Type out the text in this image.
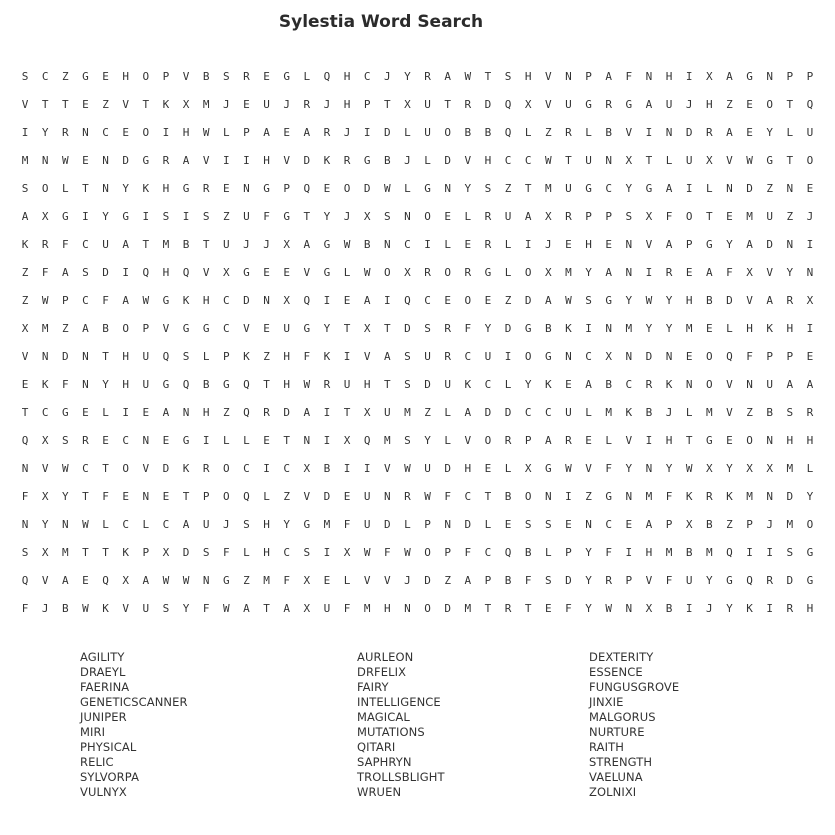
Sylestia Word Search
S	C	Z	G	E	H	O	P	V	B	S	R	E	G	L	Q	H	C	J	Y	R	A	W	T	S	H	V	N	P	A	F	N	H	I	X	A	G	N	P	P
V	T	T	E	Z	V	T	K	X	M	J	E	U	J	R	J	H	P	T	X	U	T	R	D	Q	X	V	U	G	R	G	A	U	J	H	Z	E	O	T	Q
I	Y	R	N	C	E	O	I	H	W	L	P	A	E	A	R	J	I	D	L	U	O	B	B	Q	L	Z	R	L	B	V	I	N	D	R	A	E	Y	L	U
M	N	W	E	N	D	G	R	A	V	I	I	H	V	D	K	R	G	B	J	L	D	V	H	C	C	W	T	U	N	X	T	L	U	X	V	W	G	T	O
S	O	L	T	N	Y	K	H	G	R	E	N	G	P	Q	E	O	D	W	L	G	N	Y	S	Z	T	M	U	G	C	Y	G	A	I	L	N	D	Z	N	E
A	X	G	I	Y	G	I	S	I	S	Z	U	F	G	T	Y	J	X	S	N	O	E	L	R	U	A	X	R	P	P	S	X	F	O	T	E	M	U	Z	J
K	R	F	C	U	A	T	M	B	T	U	J	J	X	A	G	W	B	N	C	I	L	E	R	L	I	J	E	H	E	N	V	A	P	G	Y	A	D	N	I
Z	F	A	S	D	I	Q	H	Q	V	X	G	E	E	V	G	L	W	O	X	R	O	R	G	L	O	X	M	Y	A	N	I	R	E	A	F	X	V	Y	N
Z	W	P	C	F	A	W	G	K	H	C	D	N	X	Q	I	E	A	I	Q	C	E	O	E	Z	D	A	W	S	G	Y	W	Y	H	B	D	V	A	R	X
X	M	Z	A	B	O	P	V	G	G	C	V	E	U	G	Y	T	X	T	D	S	R	F	Y	D	G	B	K	I	N	M	Y	Y	M	E	L	H	K	H	I
V	N	D	N	T	H	U	Q	S	L	P	K	Z	H	F	K	I	V	A	S	U	R	C	U	I	O	G	N	C	X	N	D	N	E	O	Q	F	P	P	E
E	K	F	N	Y	H	U	G	Q	B	G	Q	T	H	W	R	U	H	T	S	D	U	K	C	L	Y	K	E	A	B	C	R	K	N	O	V	N	U	A	A
T	C	G	E	L	I	E	A	N	H	Z	Q	R	D	A	I	T	X	U	M	Z	L	A	D	D	C	C	U	L	M	K	B	J	L	M	V	Z	B	S	R
Q	X	S	R	E	C	N	E	G	I	L	L	E	T	N	I	X	Q	M	S	Y	L	V	O	R	P	A	R	E	L	V	I	H	T	G	E	O	N	H	H
N	V	W	C	T	O	V	D	K	R	O	C	I	C	X	B	I	I	V	W	U	D	H	E	L	X	G	W	V	F	Y	N	Y	W	X	Y	X	X	M	L
F	X	Y	T	F	E	N	E	T	P	O	Q	L	Z	V	D	E	U	N	R	W	F	C	T	B	O	N	I	Z	G	N	M	F	K	R	K	M	N	D	Y
N	Y	N	W	L	C	L	C	A	U	J	S	H	Y	G	M	F	U	D	L	P	N	D	L	E	S	S	E	N	C	E	A	P	X	B	Z	P	J	M	O
S	X	M	T	T	K	P	X	D	S	F	L	H	C	S	I	X	W	F	W	O	P	F	C	Q	B	L	P	Y	F	I	H	M	B	M	Q	I	I	S	G
Q	V	A	E	Q	X	A	W	W	N	G	Z	M	F	X	E	L	V	V	J	D	Z	A	P	B	F	S	D	Y	R	P	V	F	U	Y	G	Q	R	D	G
F	J	B	W	K	V	U	S	Y	F	W	A	T	A	X	U	F	M	H	N	O	D	M	T	R	T	E	F	Y	W	N	X	B	I	J	Y	K	I	R	H
AGILITY
DRAEYL
FAERINA
GENETICSCANNER
JUNIPER
MIRI
PHYSICAL
RELIC
SYLVORPA
VULNYX
AURLEON
DRFELIX
FAIRY
INTELLIGENCE
MAGICAL
MUTATIONS
QITARI
SAPHRYN
TROLLSBLIGHT
WRUEN
DEXTERITY
ESSENCE
FUNGUSGROVE
JINXIE
MALGORUS
NURTURE
RAITH
STRENGTH
VAELUNA
ZOLNIXI
